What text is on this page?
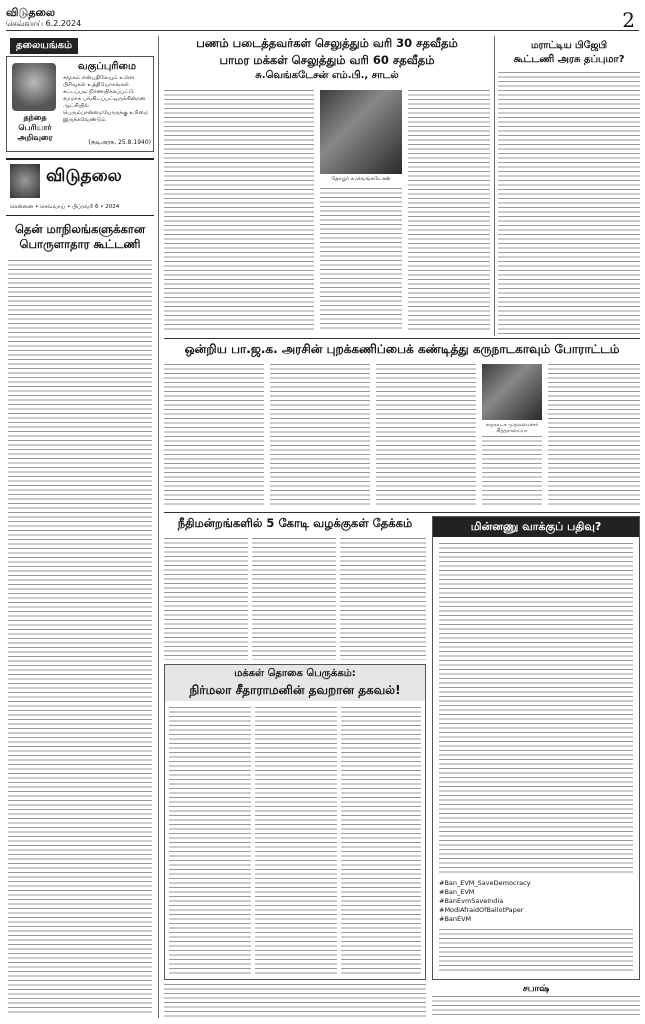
விடுதலை
செவ்வாய் 6.2.2024	2
தலையங்கம்
தந்தை பெரியார் அறிவுரை
வகுப்புரிமை
சமூகம் என்பதிலேயும் உள்ள பிரிவுகள் உத்தியோகங்கள் சட்டப்படி நிர்ணயிக்கப்பட்டு சமமாக பங்கிடப்பட்டிருக்கின்றன ஆட்சியில் பெரும்பான்மையோருக்கு உரிமை இருக்கவேண்டும்
(குடிஅரசு, 25.8.1940)
விடுதலை
சென்னை • செவ்வாய் • பிப்ரவரி 6 • 2024
தென் மாநிலங்களுக்கான பொருளாதார கூட்டணி
பணம் படைத்தவர்கள் செலுத்தும் வரி 30 சதவீதம்
பாமர மக்கள் செலுத்தும் வரி 60 சதவீதம்
சு.வெங்கடேசன் எம்.பி., சாடல்
தோழர் சு.வெங்கடேசன்
மராட்டிய பிஜேபி
கூட்டணி அரசு தப்புமா?
ஒன்றிய பா.ஜ.க. அரசின் புறக்கணிப்பைக் கண்டித்து கருநாடகாவும் போராட்டம்
கருநாடக முதலமைச்சர் சித்தராமையா
நீதிமன்றங்களில் 5 கோடி வழக்குகள் தேக்கம்	மின்னணு வாக்குப் பதிவு?
#Ban_EVM_SaveDemocracy
#Ban_EVM
#BanEvmSaveIndia
#ModiAfraidOfBallotPaper
#BanEVM
மக்கள் தொகை பெருக்கம்:
நிர்மலா சீதாராமனின் தவறான தகவல்!
சபாஷ்
